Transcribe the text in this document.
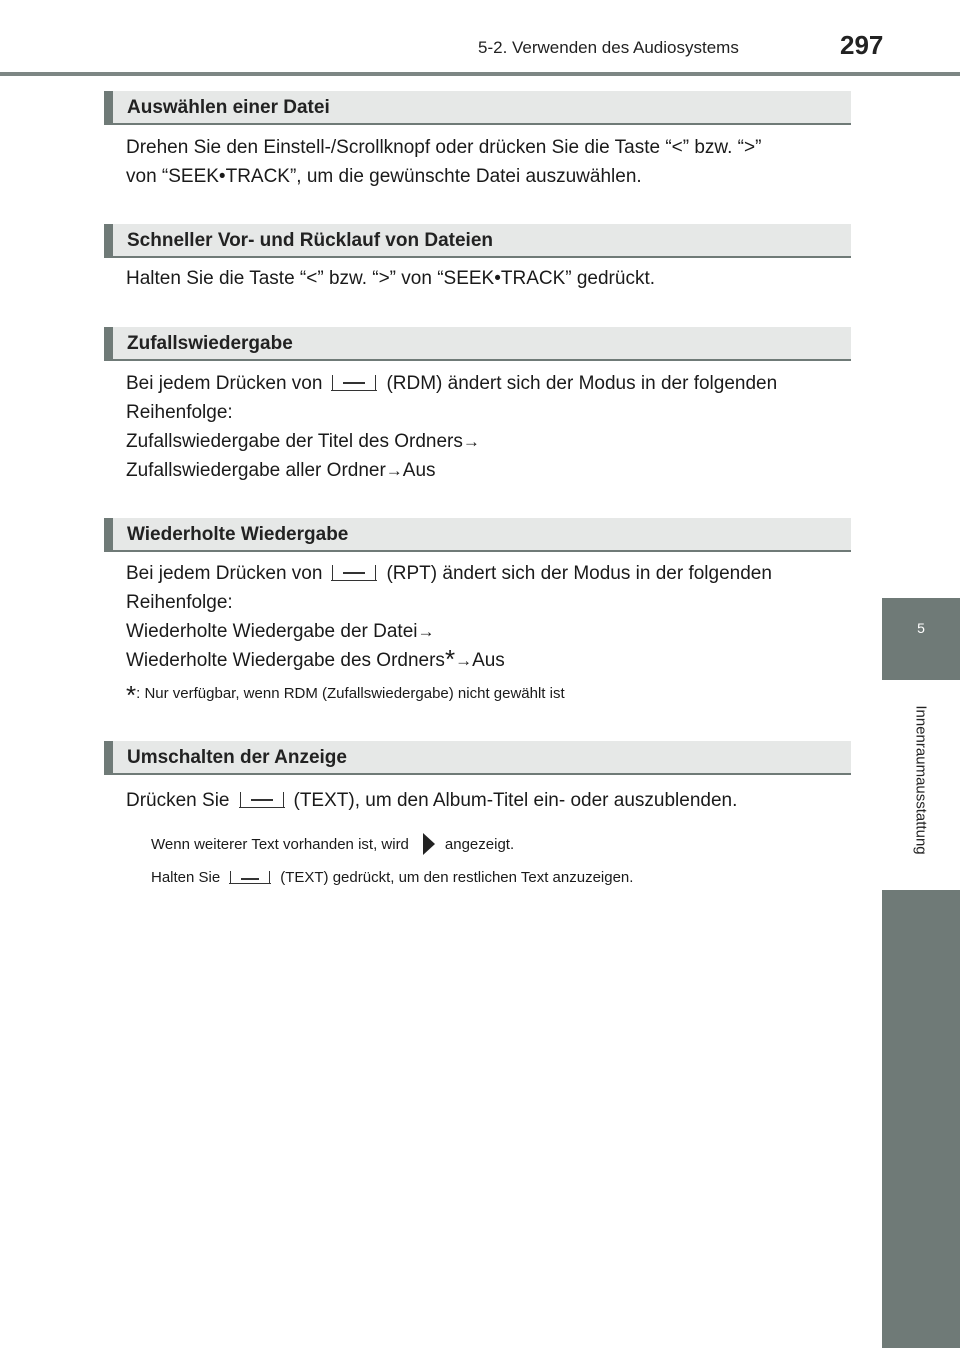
5-2. Verwenden des Audiosystems	297
5
Innenraumausstattung
Auswählen einer Datei
Drehen Sie den Einstell-/Scrollknopf oder drücken Sie die Taste “<” bzw. “>”
von “SEEK•TRACK”, um die gewünschte Datei auszuwählen.
Schneller Vor- und Rücklauf von Dateien
Halten Sie die Taste “<” bzw. “>” von “SEEK•TRACK” gedrückt.
Zufallswiedergabe
Bei jedem Drücken von	(RDM) ändert sich der Modus in der folgenden
Reihenfolge:
Zufallswiedergabe der Titel des Ordners→
Zufallswiedergabe aller Ordner→Aus
Wiederholte Wiedergabe
Bei jedem Drücken von	(RPT) ändert sich der Modus in der folgenden
Reihenfolge:
Wiederholte Wiedergabe der Datei→
Wiederholte Wiedergabe des Ordners*→Aus
*: Nur verfügbar, wenn RDM (Zufallswiedergabe) nicht gewählt ist
Umschalten der Anzeige
Drücken Sie	(TEXT), um den Album-Titel ein- oder auszublenden.
Wenn weiterer Text vorhanden ist, wird angezeigt.
Halten Sie	(TEXT) gedrückt, um den restlichen Text anzuzeigen.
